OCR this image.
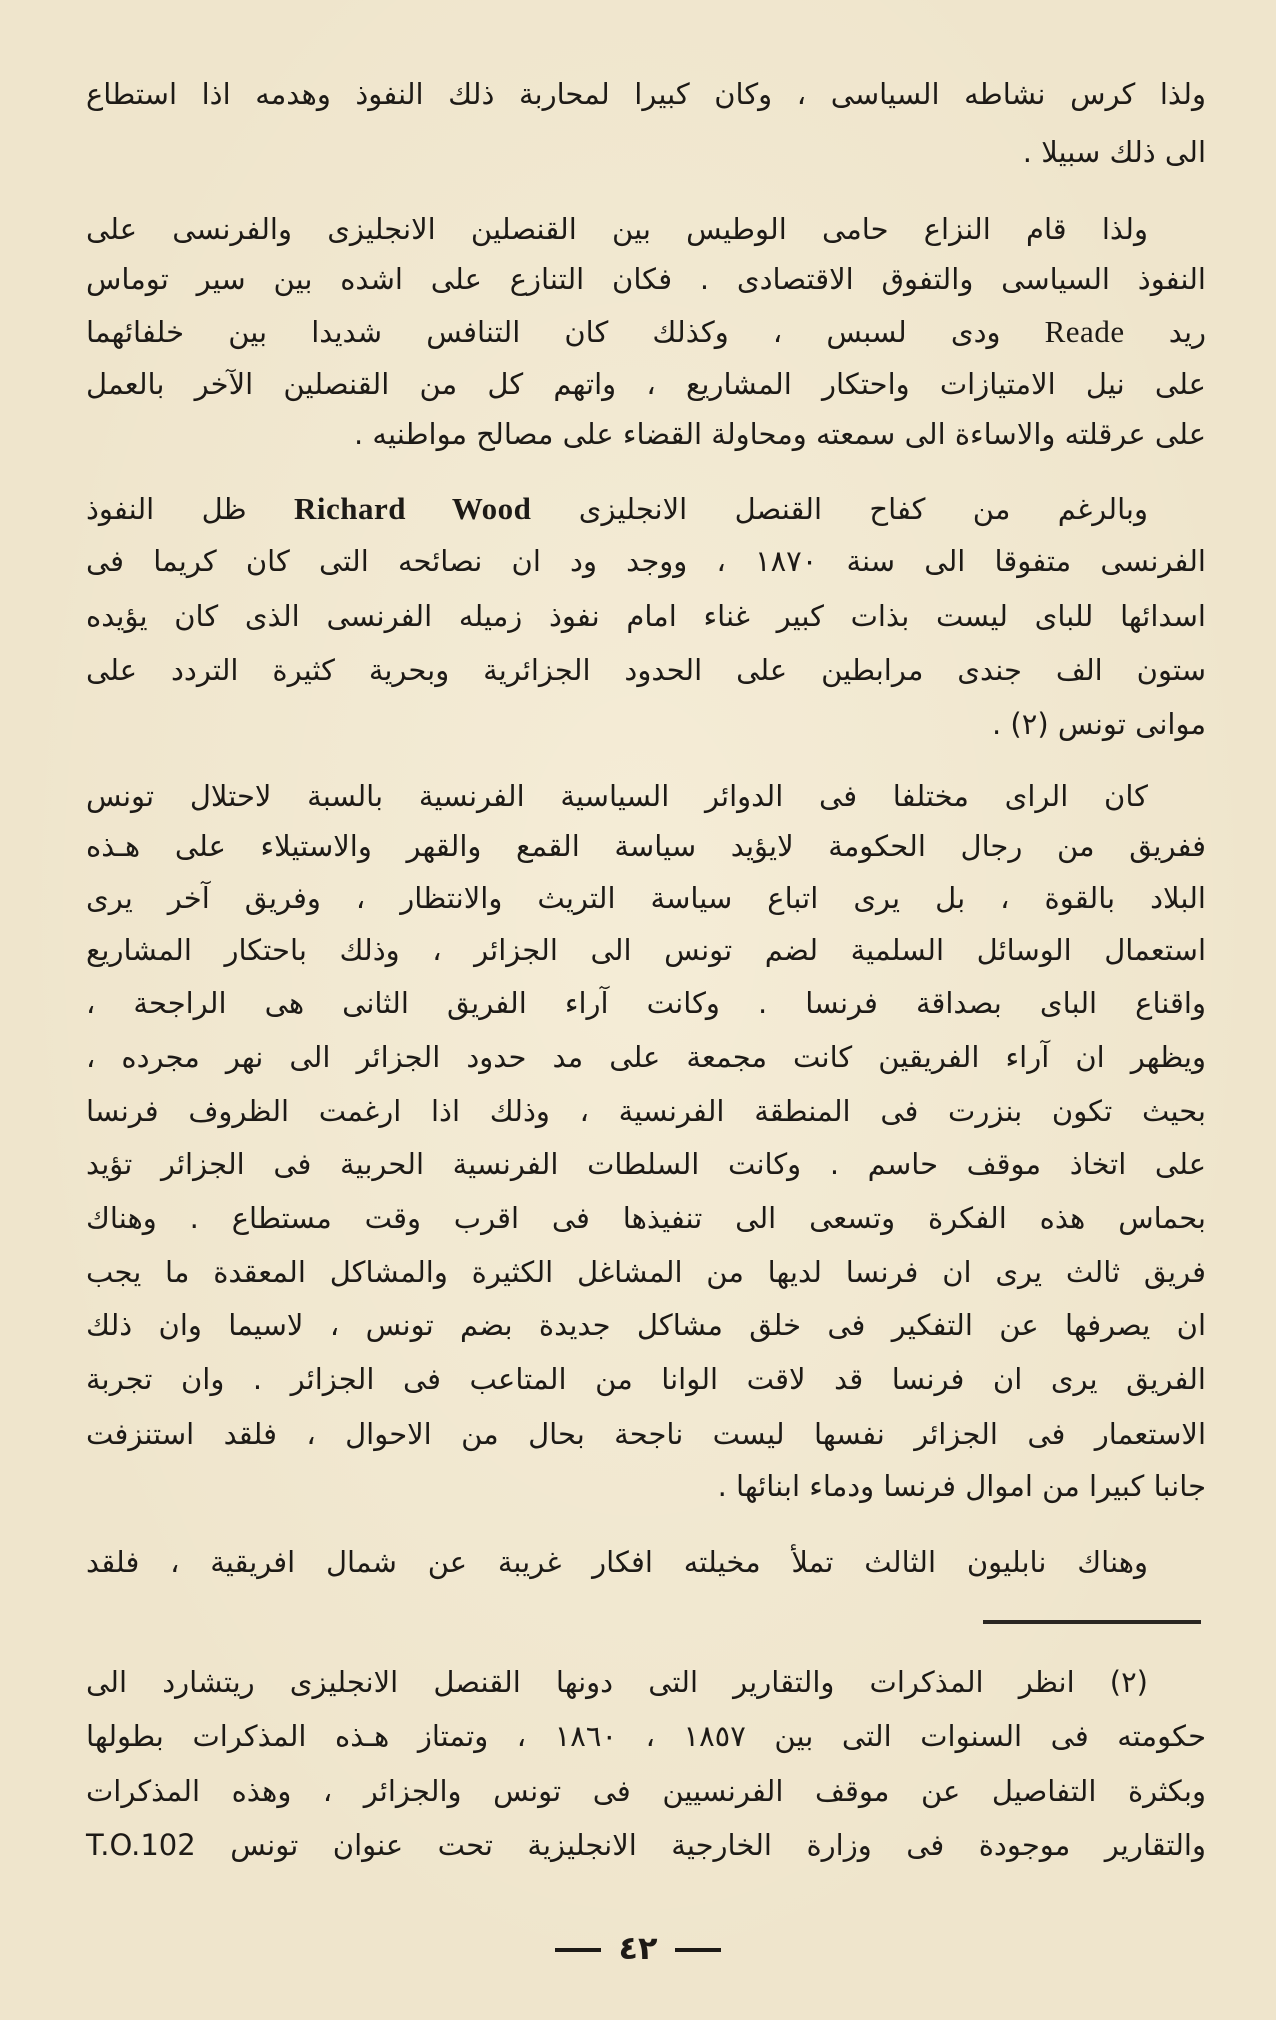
ولذا كرس نشاطه السياسى ، وكان كبيرا لمحاربة ذلك النفوذ وهدمه اذا استطاع
الى ذلك سبيلا .
ولذا قام النزاع حامى الوطيس بين القنصلين الانجليزى والفرنسى على
النفوذ السياسى والتفوق الاقتصادى . فكان التنازع على اشده بين سير توماس
ريد Reade ودى لسبس ، وكذلك كان التنافس شديدا بين خلفائهما
على نيل الامتيازات واحتكار المشاريع ، واتهم كل من القنصلين الآخر بالعمل
على عرقلته والاساءة الى سمعته ومحاولة القضاء على مصالح مواطنيه .
وبالرغم من كفاح القنصل الانجليزى Richard Wood ظل النفوذ
الفرنسى متفوقا الى سنة ١٨٧٠ ، ووجد ود ان نصائحه التى كان كريما فى
اسدائها للباى ليست بذات كبير غناء امام نفوذ زميله الفرنسى الذى كان يؤيده
ستون الف جندى مرابطين على الحدود الجزائرية وبحرية كثيرة التردد على
موانى تونس (٢) .
كان الراى مختلفا فى الدوائر السياسية الفرنسية بالسبة لاحتلال تونس
ففريق من رجال الحكومة لايؤيد سياسة القمع والقهر والاستيلاء على هـذه
البلاد بالقوة ، بل يرى اتباع سياسة التريث والانتظار ، وفريق آخر يرى
استعمال الوسائل السلمية لضم تونس الى الجزائر ، وذلك باحتكار المشاريع
واقناع الباى بصداقة فرنسا . وكانت آراء الفريق الثانى هى الراجحة ،
ويظهر ان آراء الفريقين كانت مجمعة على مد حدود الجزائر الى نهر مجرده ،
بحيث تكون بنزرت فى المنطقة الفرنسية ، وذلك اذا ارغمت الظروف فرنسا
على اتخاذ موقف حاسم . وكانت السلطات الفرنسية الحربية فى الجزائر تؤيد
بحماس هذه الفكرة وتسعى الى تنفيذها فى اقرب وقت مستطاع . وهناك
فريق ثالث يرى ان فرنسا لديها من المشاغل الكثيرة والمشاكل المعقدة ما يجب
ان يصرفها عن التفكير فى خلق مشاكل جديدة بضم تونس ، لاسيما وان ذلك
الفريق يرى ان فرنسا قد لاقت الوانا من المتاعب فى الجزائر . وان تجربة
الاستعمار فى الجزائر نفسها ليست ناجحة بحال من الاحوال ، فلقد استنزفت
جانبا كبيرا من اموال فرنسا ودماء ابنائها .
وهناك نابليون الثالث تملأ مخيلته افكار غريبة عن شمال افريقية ، فلقد
(٢) انظر المذكرات والتقارير التى دونها القنصل الانجليزى ريتشارد الى
حكومته فى السنوات التى بين ١٨٥٧ ، ١٨٦٠ ، وتمتاز هـذه المذكرات بطولها
وبكثرة التفاصيل عن موقف الفرنسيين فى تونس والجزائر ، وهذه المذكرات
والتقارير موجودة فى وزارة الخارجية الانجليزية تحت عنوان تونس T.O.102
٤٢
